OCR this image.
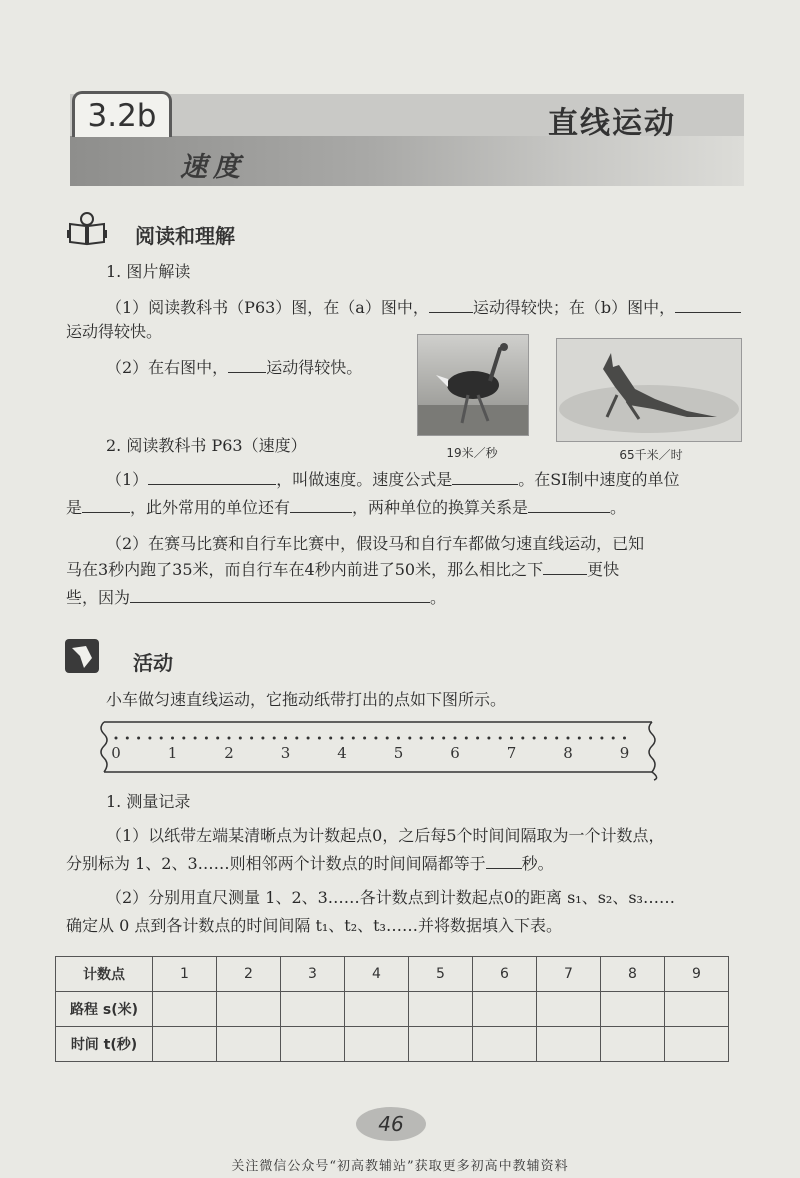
3.2b	直线运动
速度
阅读和理解
1. 图片解读
（1）阅读教科书（P63）图，在（a）图中，	运动得较快；在（b）图中，
运动得较快。
（2）在右图中， 运动得较快。
19米／秒	65千米／时
2. 阅读教科书 P63（速度）
（1）	，叫做速度。速度公式是	。在SI制中速度的单位
是	，此外常用的单位还有	，两种单位的换算关系是	。
（2）在赛马比赛和自行车比赛中，假设马和自行车都做匀速直线运动，已知
马在3秒内跑了35米，而自行车在4秒内前进了50米，那么相比之下	更快
些，因为	。
活动
小车做匀速直线运动，它拖动纸带打出的点如下图所示。
0	1	2	3	4	5	6	7	8	9
1. 测量记录
（1）以纸带左端某清晰点为计数起点0，之后每5个时间间隔取为一个计数点，
分别标为 1、2、3……则相邻两个计数点的时间间隔都等于 秒。
（2）分别用直尺测量 1、2、3……各计数点到计数起点0的距离 s₁、s₂、s₃……
确定从 0 点到各计数点的时间间隔 t₁、t₂、t₃……并将数据填入下表。
计数点	1	2	3	4	5	6	7	8	9
路程 s(米)									
时间 t(秒)									
46
关注微信公众号“初高教辅站”获取更多初高中教辅资料
